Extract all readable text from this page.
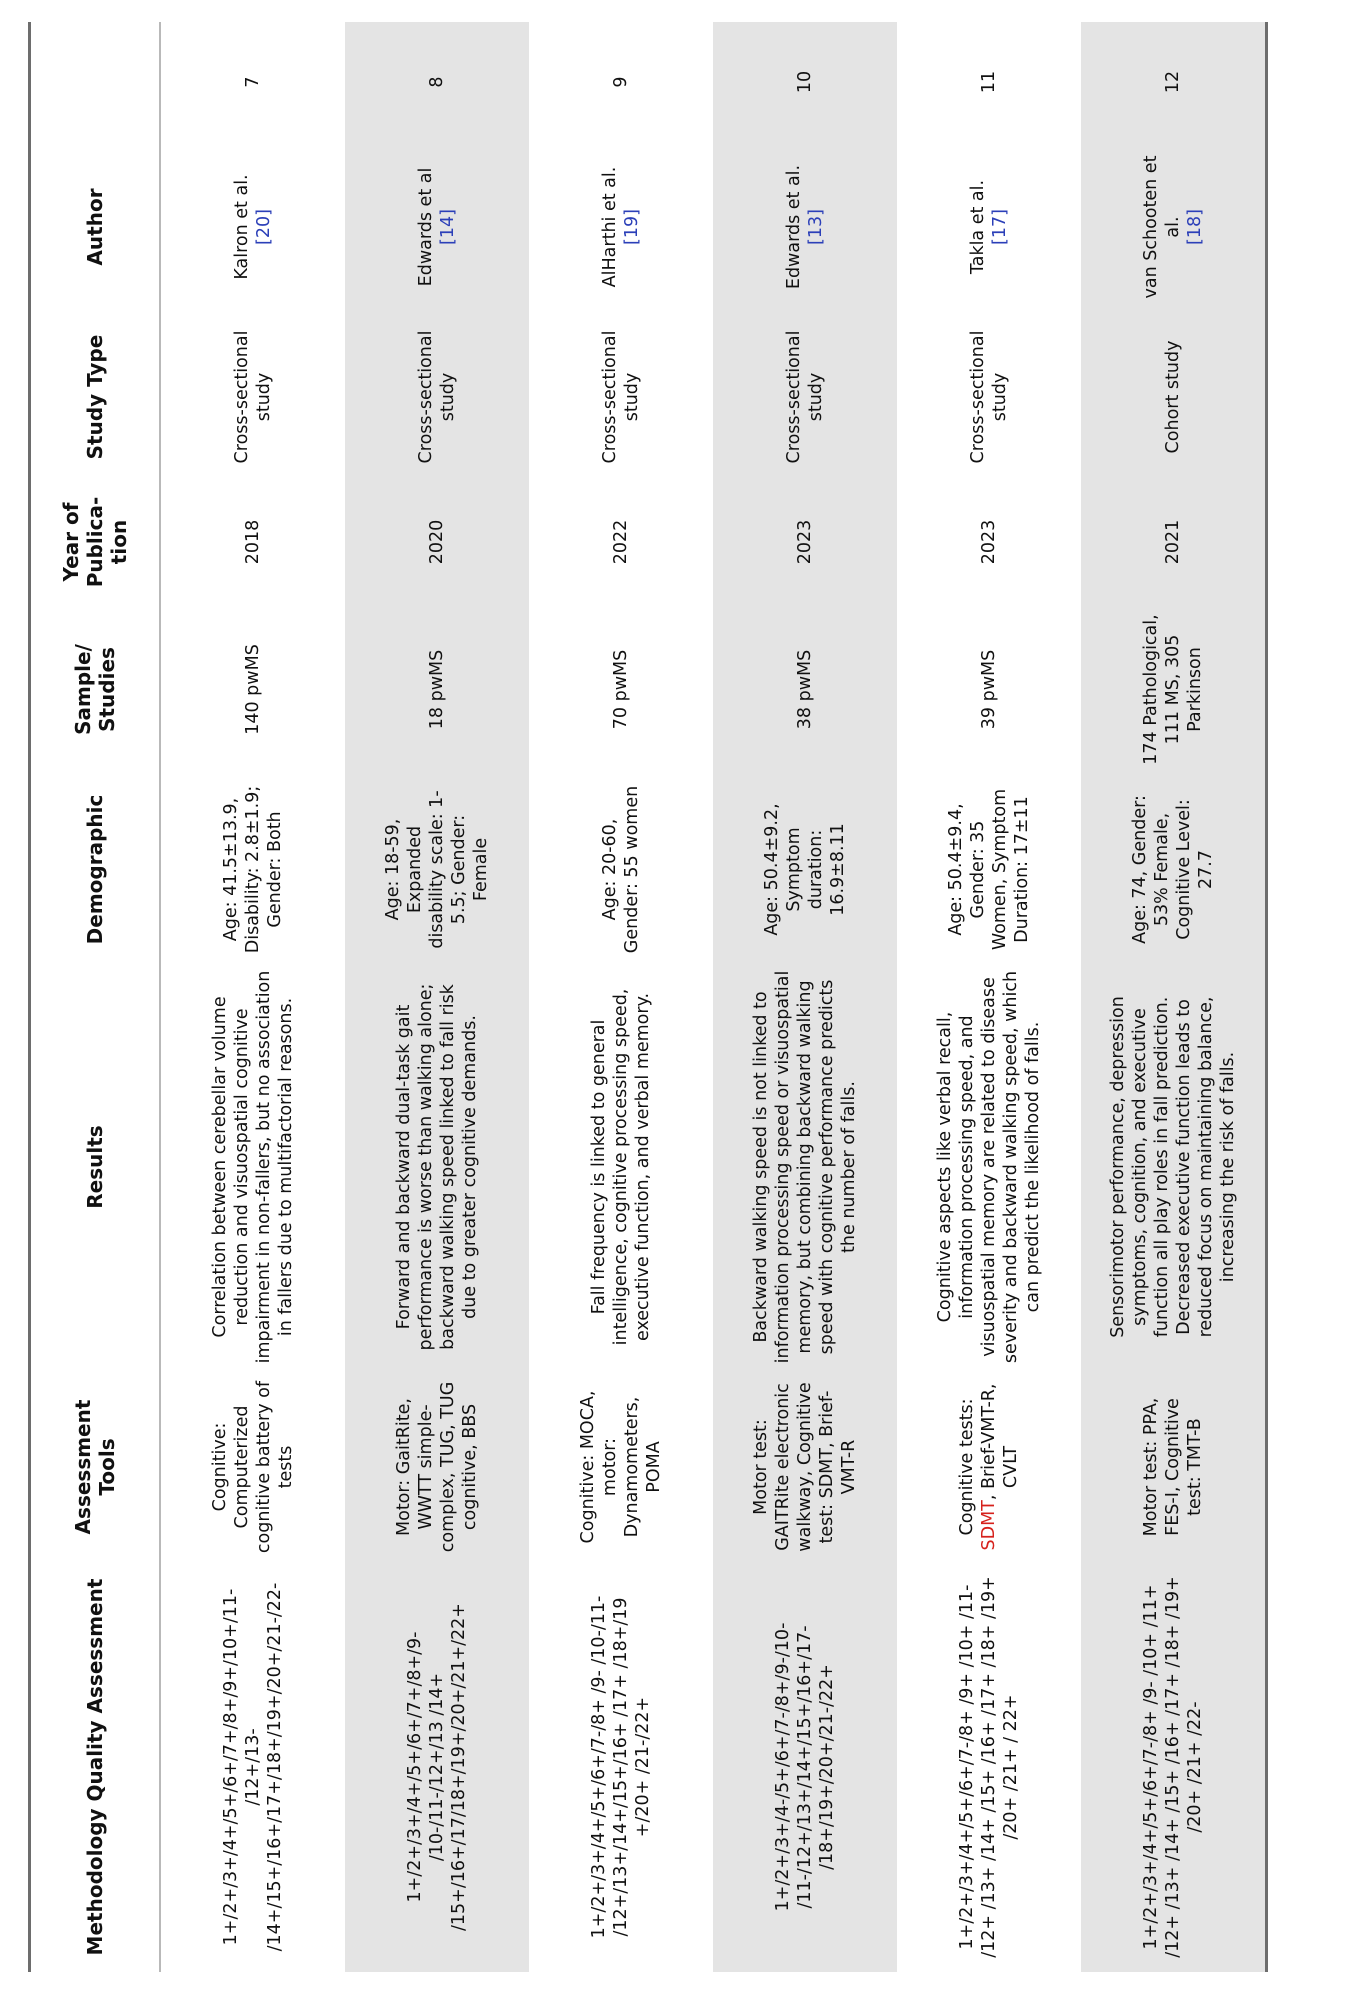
Methodology Quality Assessment
Assessment Tools
Results
Demographic
Sample/ Studies
Year of Publica-tion
Study Type
Author
1+/2+/3+/4+/5+/6+/7+/8+/9+/10+/11- /12+/13- /14+/15+/16+/17+/18+/19+/20+/21-/22-
Cognitive: Computerized cognitive battery of tests
Correlation between cerebellar volume reduction and visuospatial cognitive impairment in non-fallers, but no association in fallers due to multifactorial reasons.
Age: 41.5±13.9, Disability: 2.8±1.9; Gender: Both
140 pwMS
2018
Cross-sectional study
Kalron et al. [20]
7
1+/2+/3+/4+/5+/6+/7+/8+/9- /10-/11-/12+/13 /14+ /15+/16+/17/18+/19+/20+/21+/22+
Motor: GaitRite, WWTT simple-complex, TUG, TUG cognitive, BBS
Forward and backward dual-task gait performance is worse than walking alone; backward walking speed linked to fall risk due to greater cognitive demands.
Age: 18-59, Expanded disability scale: 1-5.5; Gender: Female
18 pwMS
2020
Cross-sectional study
Edwards et al [14]
8
1+/2+/3+/4+/5+/6+/7-/8+ /9- /10-/11- /12+/13+/14+/15+/16+ /17+ /18+/19 +/20+ /21-/22+
Cognitive: MOCA, motor: Dynamometers, POMA
Fall frequency is linked to general intelligence, cognitive processing speed, executive function, and verbal memory.
Age: 20-60, Gender: 55 women
70 pwMS
2022
Cross-sectional study
AlHarthi et al. [19]
9
1+/2+/3+/4-/5+/6+/7-/8+/9-/10- /11-/12+/13+/14+/15+/16+/17- /18+/19+/20+/21-/22+
Motor test: GAITRite electronic walkway, Cognitive test: SDMT, Brief-VMT-R
Backward walking speed is not linked to information processing speed or visuospatial memory, but combining backward walking speed with cognitive performance predicts the number of falls.
Age: 50.4±9.2, Symptom duration: 16.9±8.11
38 pwMS
2023
Cross-sectional study
Edwards et al. [13]
10
1+/2+/3+/4+/5+/6+/7-/8+ /9+ /10+ /11- /12+ /13+ /14+ /15+ /16+ /17+ /18+ /19+ /20+ /21+ / 22+
Cognitive tests: SDMT, Brief-VMT-R, CVLT
Cognitive aspects like verbal recall, information processing speed, and visuospatial memory are related to disease severity and backward walking speed, which can predict the likelihood of falls.
Age: 50.4±9.4, Gender: 35 Women, Symptom Duration: 17±11
39 pwMS
2023
Cross-sectional study
Takla et al. [17]
11
1+/2+/3+/4+/5+/6+/7-/8+ /9- /10+ /11+ /12+ /13+ /14+ /15+ /16+ /17+ /18+ /19+ /20+ /21+ /22-
Motor test: PPA, FES-I, Cognitive test: TMT-B
Sensorimotor performance, depression symptoms, cognition, and executive function all play roles in fall prediction. Decreased executive function leads to reduced focus on maintaining balance, increasing the risk of falls.
Age: 74, Gender: 53% Female, Cognitive Level: 27.7
174 Pathological, 111 MS, 305 Parkinson
2021
Cohort study
van Schooten et al. [18]
12
